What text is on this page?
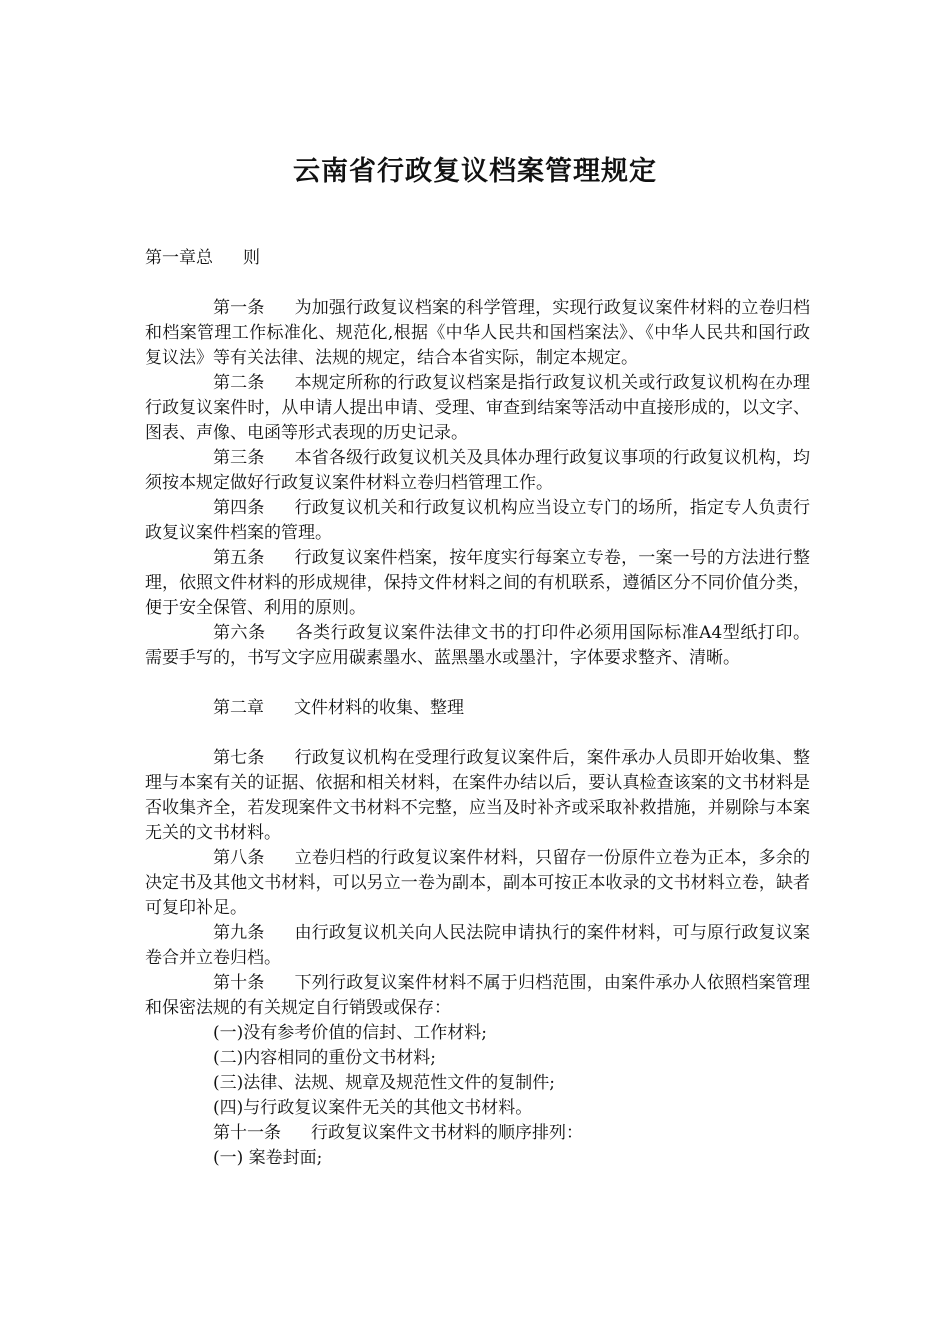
云南省行政复议档案管理规定

第一章总 则

第一条 为加强行政复议档案的科学管理，实现行政复议案件材料的立卷归档和档案管理工作标准化、规范化,根据《中华人民共和国档案法》、《中华人民共和国行政复议法》等有关法律、法规的规定，结合本省实际，制定本规定。

第二条 本规定所称的行政复议档案是指行政复议机关或行政复议机构在办理行政复议案件时，从申请人提出申请、受理、审查到结案等活动中直接形成的，以文字、图表、声像、电函等形式表现的历史记录。

第三条 本省各级行政复议机关及具体办理行政复议事项的行政复议机构，均须按本规定做好行政复议案件材料立卷归档管理工作。

第四条 行政复议机关和行政复议机构应当设立专门的场所，指定专人负责行政复议案件档案的管理。

第五条 行政复议案件档案，按年度实行每案立专卷，一案一号的方法进行整理，依照文件材料的形成规律，保持文件材料之间的有机联系，遵循区分不同价值分类，便于安全保管、利用的原则。

第六条 各类行政复议案件法律文书的打印件必须用国际标准A4型纸打印。需要手写的，书写文字应用碳素墨水、蓝黑墨水或墨汁，字体要求整齐、清晰。

第二章 文件材料的收集、整理

第七条 行政复议机构在受理行政复议案件后，案件承办人员即开始收集、整理与本案有关的证据、依据和相关材料，在案件办结以后，要认真检查该案的文书材料是否收集齐全，若发现案件文书材料不完整，应当及时补齐或采取补救措施，并剔除与本案无关的文书材料。

第八条 立卷归档的行政复议案件材料，只留存一份原件立卷为正本，多余的决定书及其他文书材料，可以另立一卷为副本，副本可按正本收录的文书材料立卷，缺者可复印补足。

第九条 由行政复议机关向人民法院申请执行的案件材料，可与原行政复议案卷合并立卷归档。

第十条 下列行政复议案件材料不属于归档范围，由案件承办人依照档案管理和保密法规的有关规定自行销毁或保存：

(一)没有参考价值的信封、工作材料;

(二)内容相同的重份文书材料;

(三)法律、法规、规章及规范性文件的复制件;

(四)与行政复议案件无关的其他文书材料。

第十一条 行政复议案件文书材料的顺序排列：

(一) 案卷封面;
